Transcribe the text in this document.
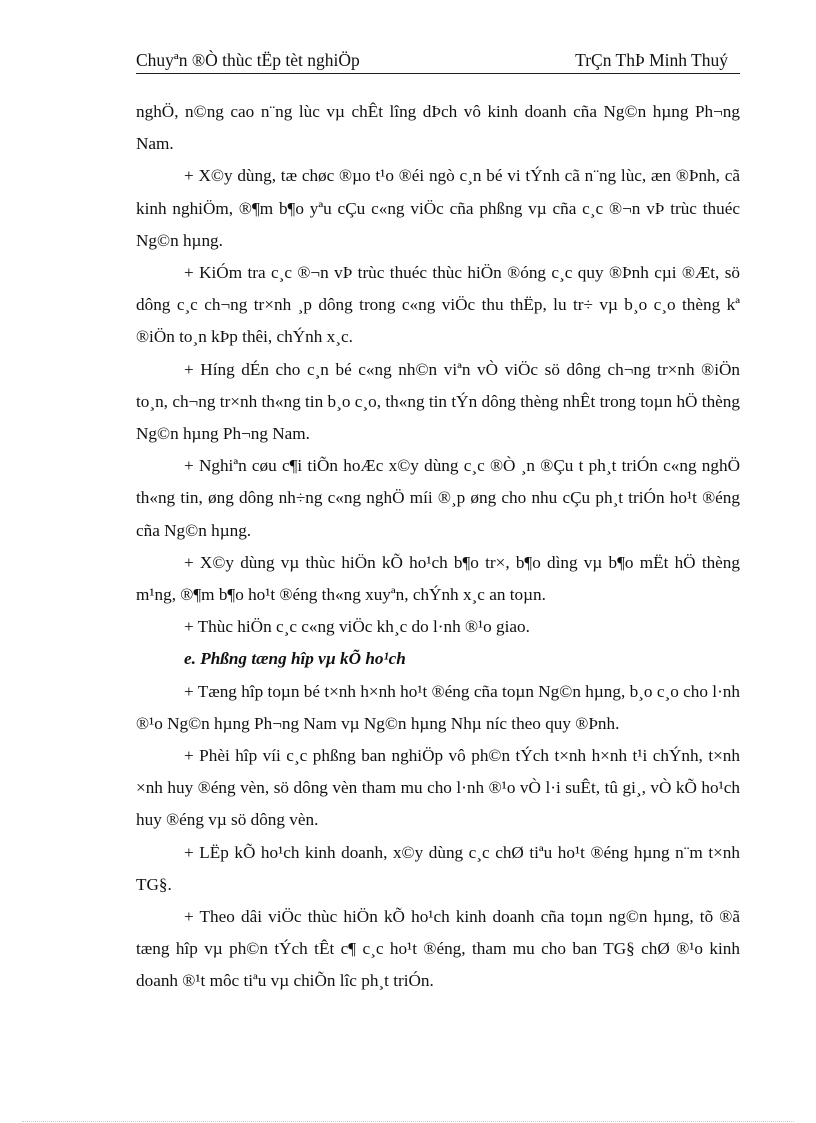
Chuyªn ®Ò thùc tËp tèt nghiÖp	TrÇn ThÞ Minh Thuý

nghÖ, n©ng cao n¨ng lùc vµ chÊt lîng dÞch vô kinh doanh cña Ng©n hµng Ph¬ng Nam.

+ X©y dùng, tæ chøc ®µo t¹o ®éi ngò c¸n bé vi tÝnh cã n¨ng lùc, æn ®Þnh, cã kinh nghiÖm, ®¶m b¶o yªu cÇu c«ng viÖc cña phßng vµ cña c¸c ®¬n vÞ trùc thuéc Ng©n hµng.

+ KiÓm tra c¸c ®¬n vÞ trùc thuéc thùc hiÖn ®óng c¸c quy ®Þnh cµi ®Æt, sö dông c¸c ch¬ng tr×nh ¸p dông trong c«ng viÖc thu thËp, lu tr÷ vµ b¸o c¸o thèng kª ®iÖn to¸n kÞp thêi, chÝnh x¸c.

+ Híng dÉn cho c¸n bé c«ng nh©n viªn vÒ viÖc sö dông ch¬ng tr×nh ®iÖn to¸n, ch¬ng tr×nh th«ng tin b¸o c¸o, th«ng tin tÝn dông thèng nhÊt trong toµn hÖ thèng Ng©n hµng Ph¬ng Nam.

+ Nghiªn cøu c¶i tiÕn hoÆc x©y dùng c¸c ®Ò ¸n ®Çu t ph¸t triÓn c«ng nghÖ th«ng tin, øng dông nh÷ng c«ng nghÖ míi ®¸p øng cho nhu cÇu ph¸t triÓn ho¹t ®éng cña Ng©n hµng.

+ X©y dùng vµ thùc hiÖn kÕ ho¹ch b¶o tr×, b¶o dìng vµ b¶o mËt hÖ thèng m¹ng, ®¶m b¶o ho¹t ®éng th«ng xuyªn, chÝnh x¸c an toµn.

+ Thùc hiÖn c¸c c«ng viÖc kh¸c do l·nh ®¹o giao.

e. Phßng tæng hîp vµ kÕ ho¹ch

+ Tæng hîp toµn bé t×nh h×nh ho¹t ®éng cña toµn Ng©n hµng, b¸o c¸o cho l·nh ®¹o Ng©n hµng Ph¬ng Nam vµ Ng©n hµng Nhµ níc theo quy ®Þnh.

+ Phèi hîp víi c¸c phßng ban nghiÖp vô ph©n tÝch t×nh h×nh t¹i chÝnh, t×nh ×nh huy ®éng vèn, sö dông vèn tham mu cho l·nh ®¹o vÒ l·i suÊt, tû gi¸, vÒ kÕ ho¹ch huy ®éng vµ sö dông vèn.

+ LËp kÕ ho¹ch kinh doanh, x©y dùng c¸c chØ tiªu ho¹t ®éng hµng n¨m t×nh TG§.

+ Theo dâi viÖc thùc hiÖn kÕ ho¹ch kinh doanh cña toµn ng©n hµng, tõ ®ã tæng hîp vµ ph©n tÝch tÊt c¶ c¸c ho¹t ®éng, tham mu cho ban TG§ chØ ®¹o kinh doanh ®¹t môc tiªu vµ chiÕn lîc ph¸t triÓn.
